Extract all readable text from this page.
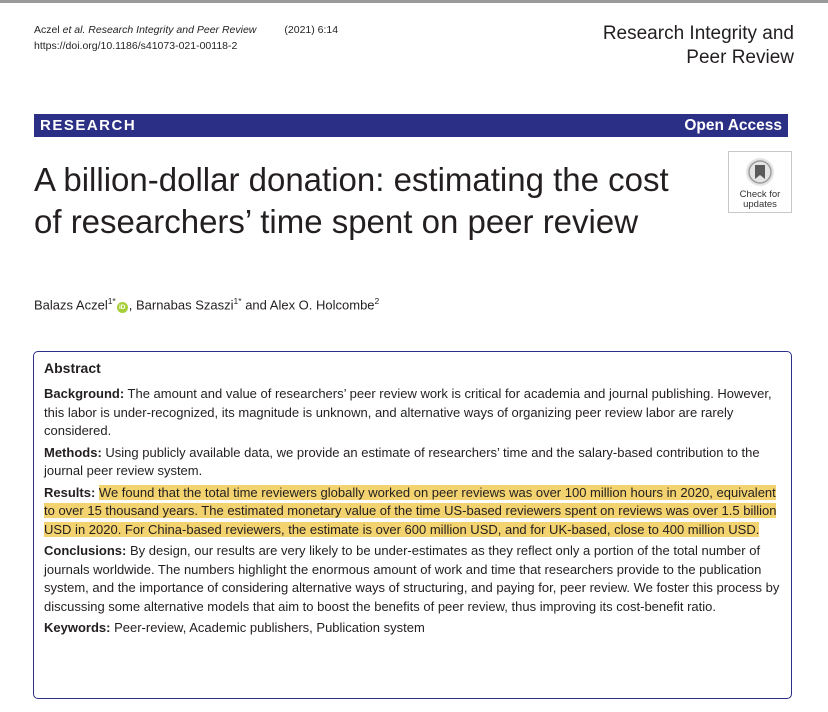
Aczel et al. Research Integrity and Peer Review	(2021) 6:14
https://doi.org/10.1186/s41073-021-00118-2
Research Integrity and
Peer Review
RESEARCH	Open Access
A billion-dollar donation: estimating the cost of researchers’ time spent on peer review
Check for
updates
Balazs Aczel$^{1*}$iD , Barnabas Szaszi$^{1*}$ and Alex O. Holcombe$^2$
Abstract

Background: The amount and value of researchers’ peer review work is critical for academia and journal publishing. However, this labor is under-recognized, its magnitude is unknown, and alternative ways of organizing peer review labor are rarely considered.

Methods: Using publicly available data, we provide an estimate of researchers’ time and the salary-based contribution to the journal peer review system.

Results: We found that the total time reviewers globally worked on peer reviews was over 100 million hours in 2020, equivalent to over 15 thousand years. The estimated monetary value of the time US-based reviewers spent on reviews was over 1.5 billion USD in 2020. For China-based reviewers, the estimate is over 600 million USD, and for UK-based, close to 400 million USD.

Conclusions: By design, our results are very likely to be under-estimates as they reflect only a portion of the total number of journals worldwide. The numbers highlight the enormous amount of work and time that researchers provide to the publication system, and the importance of considering alternative ways of structuring, and paying for, peer review. We foster this process by discussing some alternative models that aim to boost the benefits of peer review, thus improving its cost-benefit ratio.

Keywords: Peer-review, Academic publishers, Publication system
